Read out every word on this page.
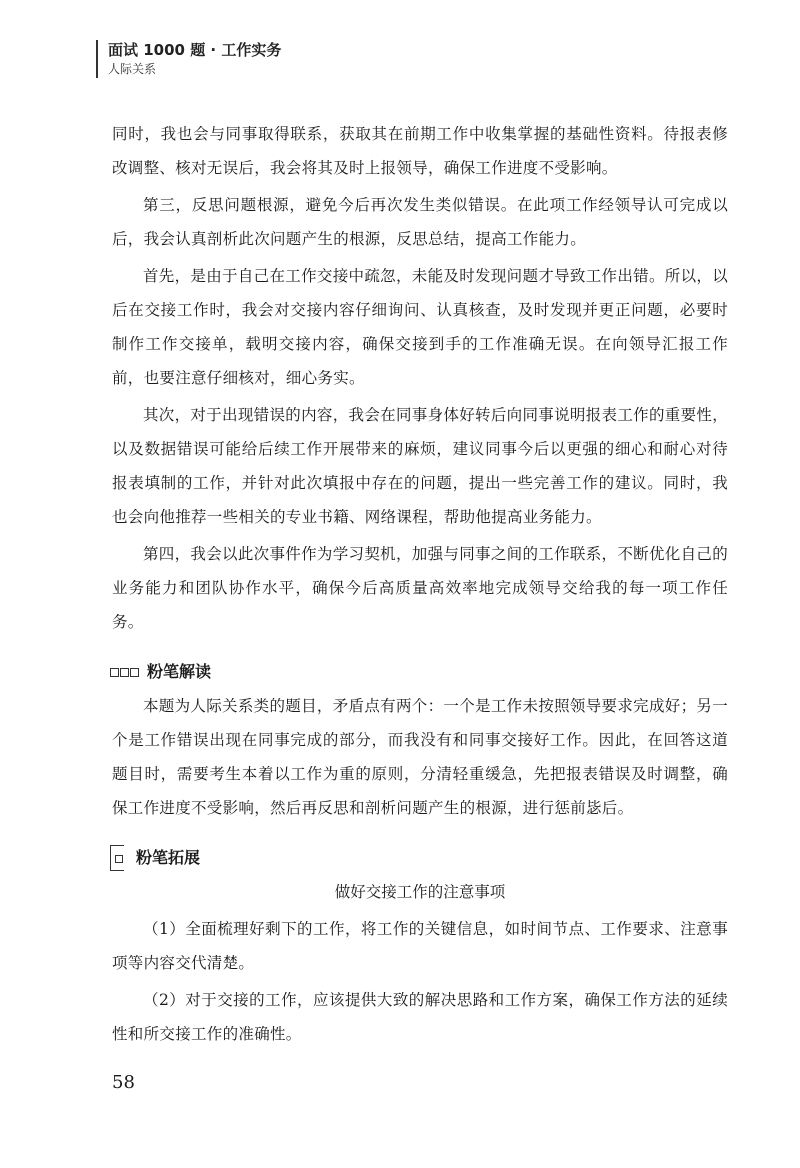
面试 1000 题 · 工作实务
人际关系

同时，我也会与同事取得联系，获取其在前期工作中收集掌握的基础性资料。待报表修改调整、核对无误后，我会将其及时上报领导，确保工作进度不受影响。

第三，反思问题根源，避免今后再次发生类似错误。在此项工作经领导认可完成以后，我会认真剖析此次问题产生的根源，反思总结，提高工作能力。

首先，是由于自己在工作交接中疏忽，未能及时发现问题才导致工作出错。所以，以后在交接工作时，我会对交接内容仔细询问、认真核查，及时发现并更正问题，必要时制作工作交接单，载明交接内容，确保交接到手的工作准确无误。在向领导汇报工作前，也要注意仔细核对，细心务实。

其次，对于出现错误的内容，我会在同事身体好转后向同事说明报表工作的重要性，以及数据错误可能给后续工作开展带来的麻烦，建议同事今后以更强的细心和耐心对待报表填制的工作，并针对此次填报中存在的问题，提出一些完善工作的建议。同时，我也会向他推荐一些相关的专业书籍、网络课程，帮助他提高业务能力。

第四，我会以此次事件作为学习契机，加强与同事之间的工作联系，不断优化自己的业务能力和团队协作水平，确保今后高质量高效率地完成领导交给我的每一项工作任务。

粉笔解读

本题为人际关系类的题目，矛盾点有两个：一个是工作未按照领导要求完成好；另一个是工作错误出现在同事完成的部分，而我没有和同事交接好工作。因此，在回答这道题目时，需要考生本着以工作为重的原则，分清轻重缓急，先把报表错误及时调整，确保工作进度不受影响，然后再反思和剖析问题产生的根源，进行惩前毖后。

粉笔拓展
做好交接工作的注意事项

（1）全面梳理好剩下的工作，将工作的关键信息，如时间节点、工作要求、注意事项等内容交代清楚。

（2）对于交接的工作，应该提供大致的解决思路和工作方案，确保工作方法的延续性和所交接工作的准确性。

58
